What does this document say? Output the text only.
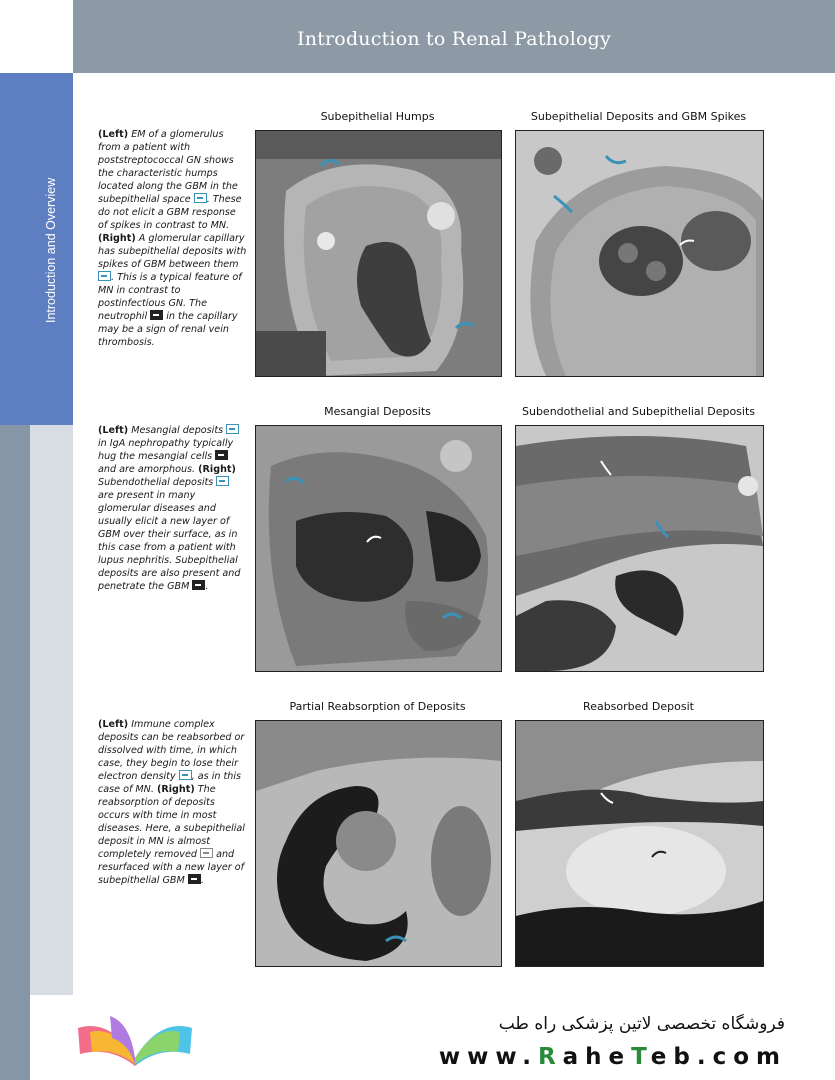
Introduction to Renal Pathology
Introduction and Overview
Subepithelial Humps	Subepithelial Deposits and GBM Spikes
Mesangial Deposits	Subendothelial and Subepithelial Deposits
Partial Reabsorption of Deposits	Reabsorbed Deposit
(Left) EM of a glomerulus from a patient with poststreptococcal GN shows the characteristic humps located along the GBM in the subepithelial space . These do not elicit a GBM response of spikes in contrast to MN. (Right) A glomerular capillary has subepithelial deposits with spikes of GBM between them . This is a typical feature of MN in contrast to postinfectious GN. The neutrophil in the capillary may be a sign of renal vein thrombosis.
(Left) Mesangial deposits  in IgA nephropathy typically hug the mesangial cells  and are amorphous. (Right) Subendothelial deposits  are present in many glomerular diseases and usually elicit a new layer of GBM over their surface, as in this case from a patient with lupus nephritis. Subepithelial deposits are also present and penetrate the GBM .
(Left) Immune complex deposits can be reabsorbed or dissolved with time, in which case, they begin to lose their electron density , as in this case of MN. (Right) The reabsorption of deposits occurs with time in most diseases. Here, a subepithelial deposit in MN is almost completely removed and resurfaced with a new layer of subepithelial GBM .
فروشگاه تخصصی لاتین پزشکی راه طب
www.RaheTeb.com
